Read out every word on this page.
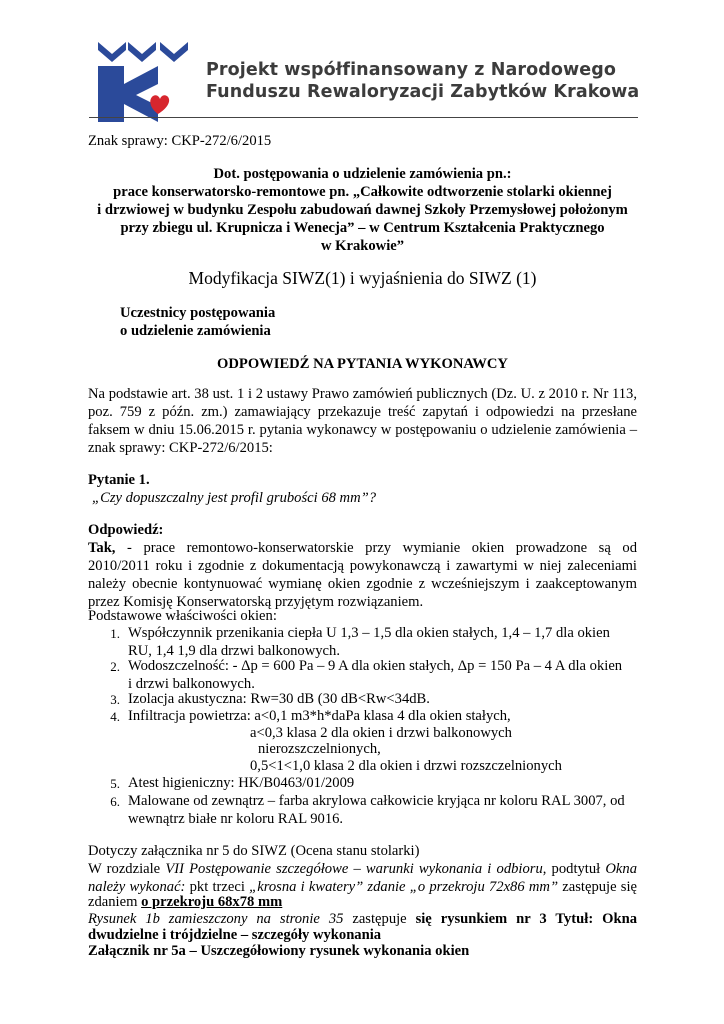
Projekt współfinansowany z Narodowego
Funduszu Rewaloryzacji Zabytków Krakowa
Znak sprawy: CKP-272/6/2015
Dot. postępowania o udzielenie zamówienia pn.:
prace konserwatorsko-remontowe pn. „Całkowite odtworzenie stolarki okiennej
i drzwiowej w budynku Zespołu zabudowań dawnej Szkoły Przemysłowej położonym
przy zbiegu ul. Krupnicza i Wenecja” – w Centrum Kształcenia Praktycznego
w Krakowie”
Modyfikacja SIWZ(1) i wyjaśnienia do SIWZ (1)
Uczestnicy postępowania
o udzielenie zamówienia
ODPOWIEDŹ NA PYTANIA WYKONAWCY
Na podstawie art. 38 ust. 1 i 2 ustawy Prawo zamówień publicznych (Dz. U. z 2010 r. Nr 113,
poz. 759 z późn. zm.) zamawiający przekazuje treść zapytań i odpowiedzi na przesłane
faksem w dniu 15.06.2015 r. pytania wykonawcy w postępowaniu o udzielenie zamówienia –
znak sprawy: CKP-272/6/2015:
Pytanie 1.
„Czy dopuszczalny jest profil grubości 68 mm”?
Odpowiedź:
Tak, - prace remontowo-konserwatorskie przy wymianie okien prowadzone są od
2010/2011 roku i zgodnie z dokumentacją powykonawczą i zawartymi w niej zaleceniami
należy obecnie kontynuować wymianę okien zgodnie z wcześniejszym i zaakceptowanym
przez Komisję Konserwatorską przyjętym rozwiązaniem.
Podstawowe właściwości okien:
1. Współczynnik przenikania ciepła U 1,3 – 1,5 dla okien stałych, 1,4 – 1,7 dla okien
RU, 1,4 1,9 dla drzwi balkonowych.
2. Wodoszczelność: - Δp = 600 Pa – 9 A dla okien stałych, Δp = 150 Pa – 4 A dla okien
i drzwi balkonowych.
3. Izolacja akustyczna: Rw=30 dB (30 dB<Rw<34dB.
4. Infiltracja powietrza: a<0,1 m3*h*daPa klasa 4 dla okien stałych,
a<0,3 klasa 2 dla okien i drzwi balkonowych
nierozszczelnionych,
0,5<1<1,0 klasa 2 dla okien i drzwi rozszczelnionych
5. Atest higieniczny: HK/B0463/01/2009
6. Malowane od zewnątrz – farba akrylowa całkowicie kryjąca nr koloru RAL 3007, od
wewnątrz białe nr koloru RAL 9016.
Dotyczy załącznika nr 5 do SIWZ (Ocena stanu stolarki)
W rozdziale VII Postępowanie szczegółowe – warunki wykonania i odbioru, podtytuł Okna
należy wykonać: pkt trzeci „krosna i kwatery” zdanie „o przekroju 72x86 mm” zastępuje się
zdaniem o przekroju 68x78 mm
Rysunek 1b zamieszczony na stronie 35 zastępuje się rysunkiem nr 3 Tytuł: Okna
dwudzielne i trójdzielne – szczegóły wykonania
Załącznik nr 5a – Uszczegółowiony rysunek wykonania okien
